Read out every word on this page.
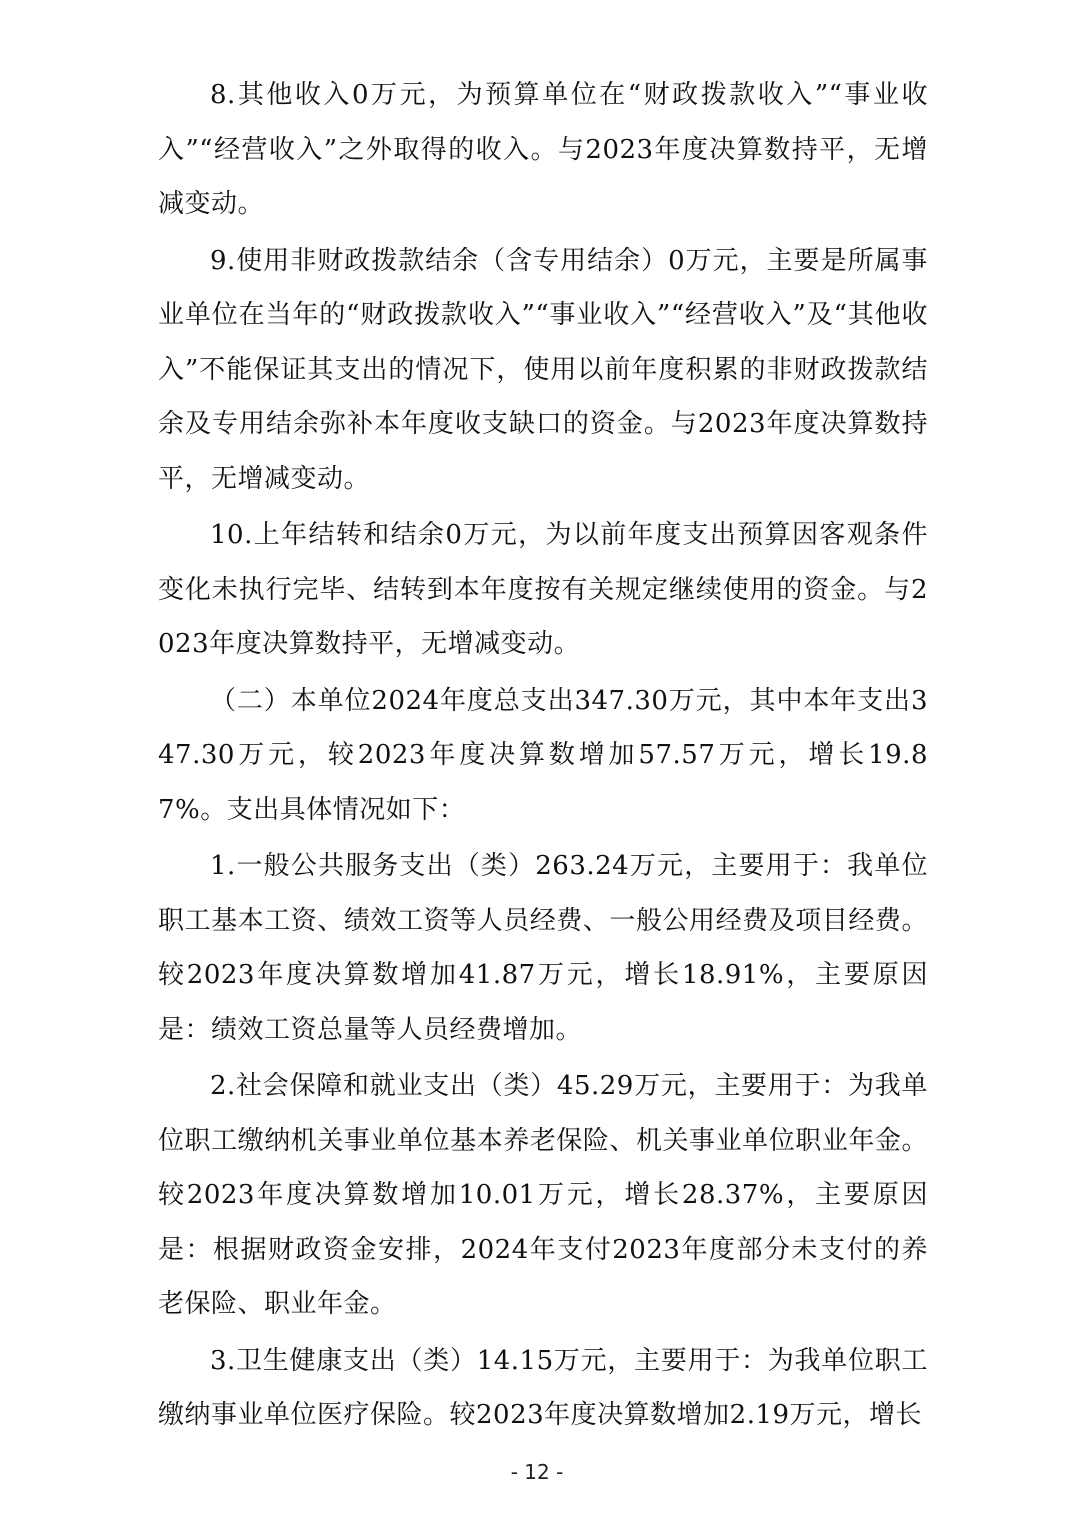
8.其他收入0万元，为预算单位在“财政拨款收入”“事业收入”“经营收入”之外取得的收入。与2023年度决算数持平，无增减变动。

9.使用非财政拨款结余（含专用结余）0万元，主要是所属事业单位在当年的“财政拨款收入”“事业收入”“经营收入”及“其他收入”不能保证其支出的情况下，使用以前年度积累的非财政拨款结余及专用结余弥补本年度收支缺口的资金。与2023年度决算数持平，无增减变动。

10.上年结转和结余0万元，为以前年度支出预算因客观条件变化未执行完毕、结转到本年度按有关规定继续使用的资金。与2023年度决算数持平，无增减变动。

（二）本单位2024年度总支出347.30万元，其中本年支出347.30万元，较2023年度决算数增加57.57万元，增长19.87%。支出具体情况如下：

1.一般公共服务支出（类）263.24万元，主要用于：我单位职工基本工资、绩效工资等人员经费、一般公用经费及项目经费。较2023年度决算数增加41.87万元，增长18.91%，主要原因是：绩效工资总量等人员经费增加。

2.社会保障和就业支出（类）45.29万元，主要用于：为我单位职工缴纳机关事业单位基本养老保险、机关事业单位职业年金。较2023年度决算数增加10.01万元，增长28.37%，主要原因是：根据财政资金安排，2024年支付2023年度部分未支付的养老保险、职业年金。

3.卫生健康支出（类）14.15万元，主要用于：为我单位职工缴纳事业单位医疗保险。较2023年度决算数增加2.19万元，增长

- 12 -
